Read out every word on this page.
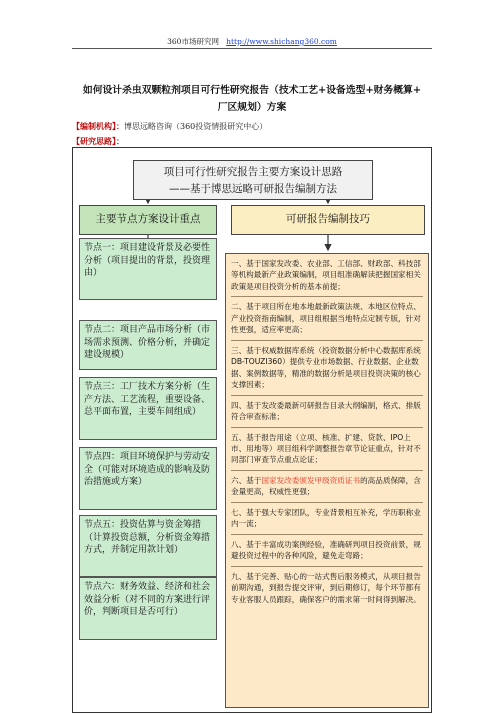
360市场研究网 http://www.shichang360.com
如何设计杀虫双颗粒剂项目可行性研究报告（技术工艺+设备选型+财务概算+
厂区规划）方案
【编制机构】：博思远略咨询（360投资情报研究中心）
【研究思路】：
项目可行性研究报告主要方案设计思路
——基于博思远略可研报告编制方法
主要节点方案设计重点	可研报告编制技巧
节点一：项目建设背景及必要性分析（项目提出的背景，投资理由）
节点二：项目产品市场分析（市场需求预测、价格分析，并确定建设规模）
节点三：工厂技术方案分析（生产方法、工艺流程，重要设备、总平面布置，主要车间组成）
节点四：项目环境保护与劳动安全（可能对环境造成的影响及防治措施或方案）
节点五：投资估算与资金筹措（计算投资总额，分析资金筹措方式，并制定用款计划）
节点六：财务效益、经济和社会效益分析（对不同的方案进行评价，判断项目是否可行）

一、基于国家发改委、农业部、工信部、财政部、科技部等机构最新产业政策编制，项目组准确解读把握国家相关政策是项目投资分析的基本前提；

二、基于项目所在地本地最新政策法规、本地区位特点、产业投资指南编制，项目组根据当地特点定制专版，针对性更强，适应率更高；

三、基于权威数据库系统（投资数据分析中心数据库系统DB-TOUZI360）提供专业市场数据、行业数据、企业数据、案例数据等，精准的数据分析是项目投资决策的核心支撑因素；

四、基于发改委最新可研报告目录大纲编制，格式、排版符合审查标准；

五、基于报告用途（立项、核准、扩建、贷款、IPO上市、用地等）项目组科学调整报告章节论证重点，针对不同部门审查节点重点论证；

六、基于国家发改委颁发甲级资质证书的高品质保障，含金量更高，权威性更强；

七、基于强大专家团队，专业背景相互补充，学历职称业内一流；

八、基于丰富成功案例经验，准确研判项目投资前景，规避投资过程中的各种风险，避免走弯路；

九、基于完善、贴心的一站式售后服务模式，从项目报告前期沟通，到报告提交评审，到后期修订，每个环节都有专业客服人员跟踪，确保客户的需求第一时间得到解决。
